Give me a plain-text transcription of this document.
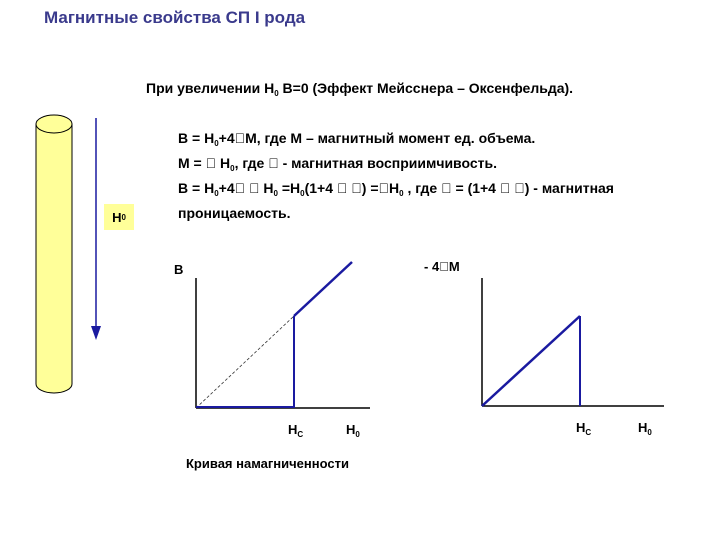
Магнитные свойства СП I рода
При увеличении $H_0$ B=0 (Эффект Мейсснера – Оксенфельда).
$B = H_0+4 M$, где M – магнитный момент ед. объема.
M =   $H_0$, где   - магнитная восприимчивость.
$B = H_0+4 $   $H_0 =H_0(1+4$    ) $= H_0$ , где   = (1+4    ) - магнитная
проницаемость.
H 0
B
$H_C$	$H_0$
Кривая намагниченности
- 4 M
$H_C$	$H_0$
